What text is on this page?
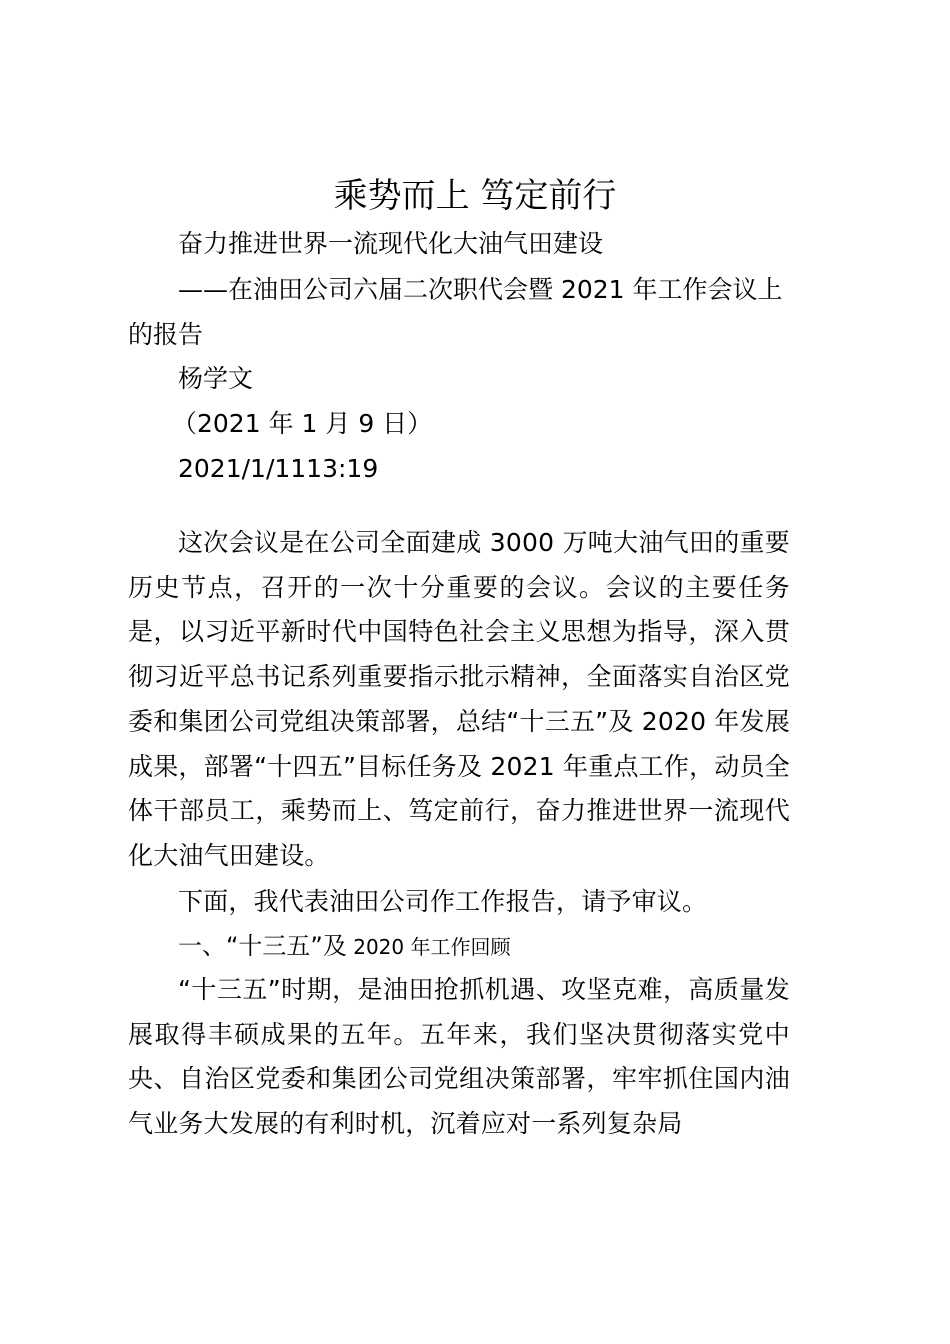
乘势而上 笃定前行

奋力推进世界一流现代化大油气田建设

——在油田公司六届二次职代会暨 2021 年工作会议上

的报告

杨学文

（2021 年 1 月 9 日）

2021/1/1113:19

这次会议是在公司全面建成 3000 万吨大油气田的重要历史节点，召开的一次十分重要的会议。会议的主要任务是，以习近平新时代中国特色社会主义思想为指导，深入贯彻习近平总书记系列重要指示批示精神，全面落实自治区党委和集团公司党组决策部署，总结“十三五”及 2020 年发展成果，部署“十四五”目标任务及 2021 年重点工作，动员全体干部员工，乘势而上、笃定前行，奋力推进世界一流现代化大油气田建设。

下面，我代表油田公司作工作报告，请予审议。

一、“十三五”及 2020 年工作回顾

“十三五”时期，是油田抢抓机遇、攻坚克难，高质量发展取得丰硕成果的五年。五年来，我们坚决贯彻落实党中央、自治区党委和集团公司党组决策部署，牢牢抓住国内油气业务大发展的有利时机，沉着应对一系列复杂局
